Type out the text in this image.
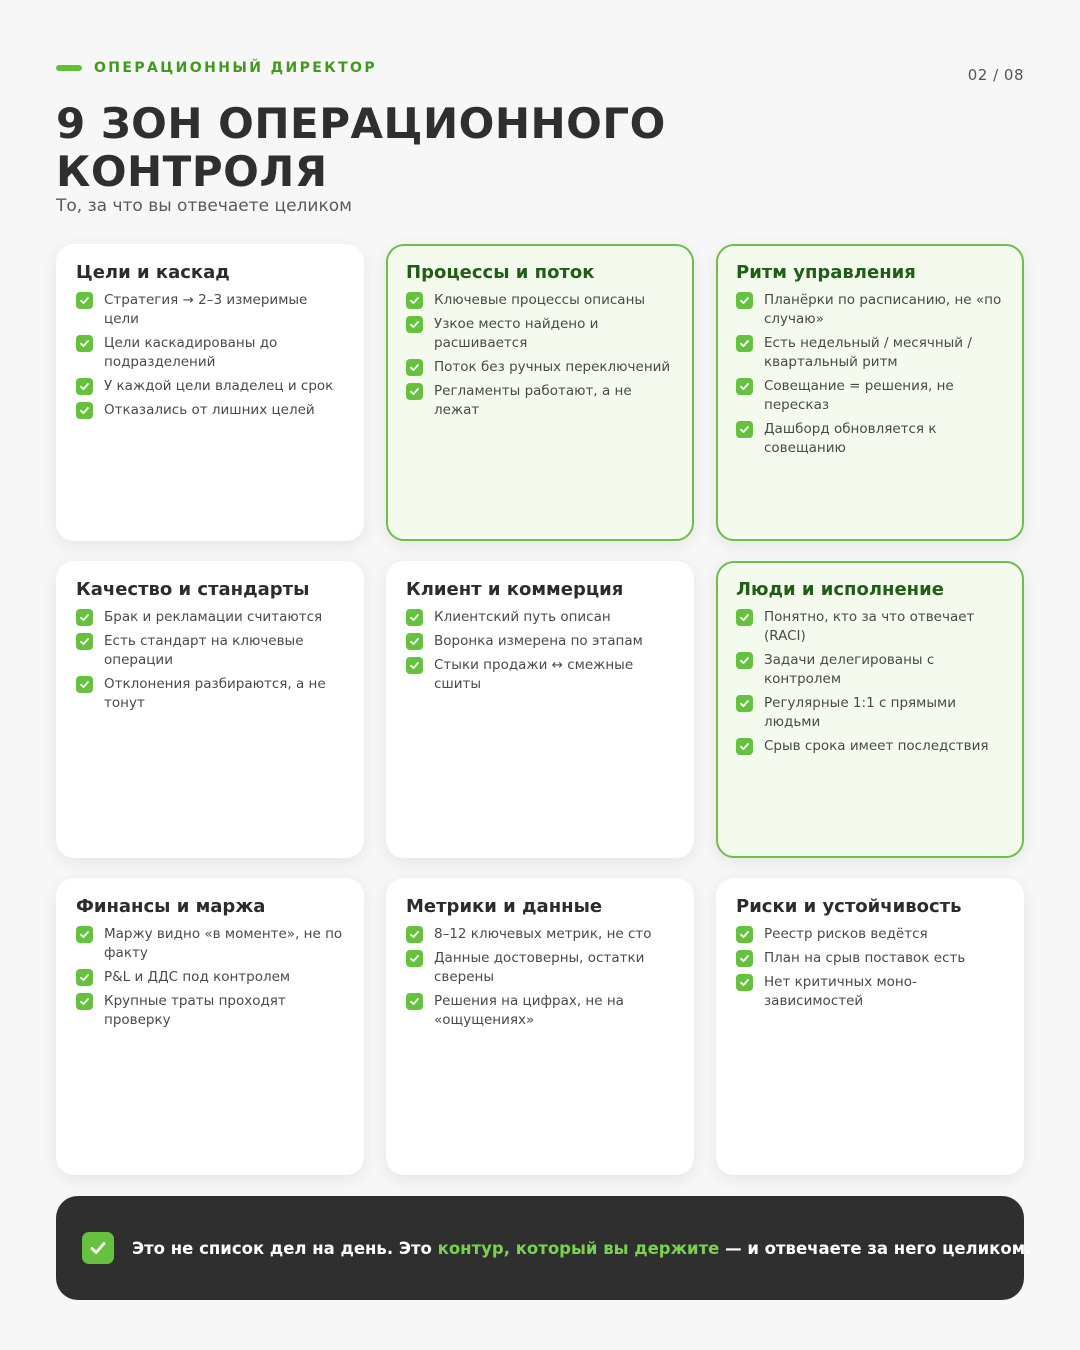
ОПЕРАЦИОННЫЙ ДИРЕКТОР	02 / 08
9 ЗОН ОПЕРАЦИОННОГО КОНТРОЛЯ
То, за что вы отвечаете целиком
Цели и каскад
Стратегия → 2–3 измеримые цели
Цели каскадированы до подразделений
У каждой цели владелец и срок
Отказались от лишних целей
Процессы и поток
Ключевые процессы описаны
Узкое место найдено и расшивается
Поток без ручных переключений
Регламенты работают, а не лежат
Ритм управления
Планёрки по расписанию, не «по случаю»
Есть недельный / месячный / квартальный ритм
Совещание = решения, не пересказ
Дашборд обновляется к совещанию
Качество и стандарты
Брак и рекламации считаются
Есть стандарт на ключевые операции
Отклонения разбираются, а не тонут
Клиент и коммерция
Клиентский путь описан
Воронка измерена по этапам
Стыки продажи ↔ смежные сшиты
Люди и исполнение
Понятно, кто за что отвечает (RACI)
Задачи делегированы с контролем
Регулярные 1:1 с прямыми людьми
Срыв срока имеет последствия
Финансы и маржа
Маржу видно «в моменте», не по факту
P&L и ДДС под контролем
Крупные траты проходят проверку
Метрики и данные
8–12 ключевых метрик, не сто
Данные достоверны, остатки сверены
Решения на цифрах, не на «ощущениях»
Риски и устойчивость
Реестр рисков ведётся
План на срыв поставок есть
Нет критичных моно-зависимостей
Это не список дел на день. Это контур, который вы держите — и отвечаете за него целиком.
